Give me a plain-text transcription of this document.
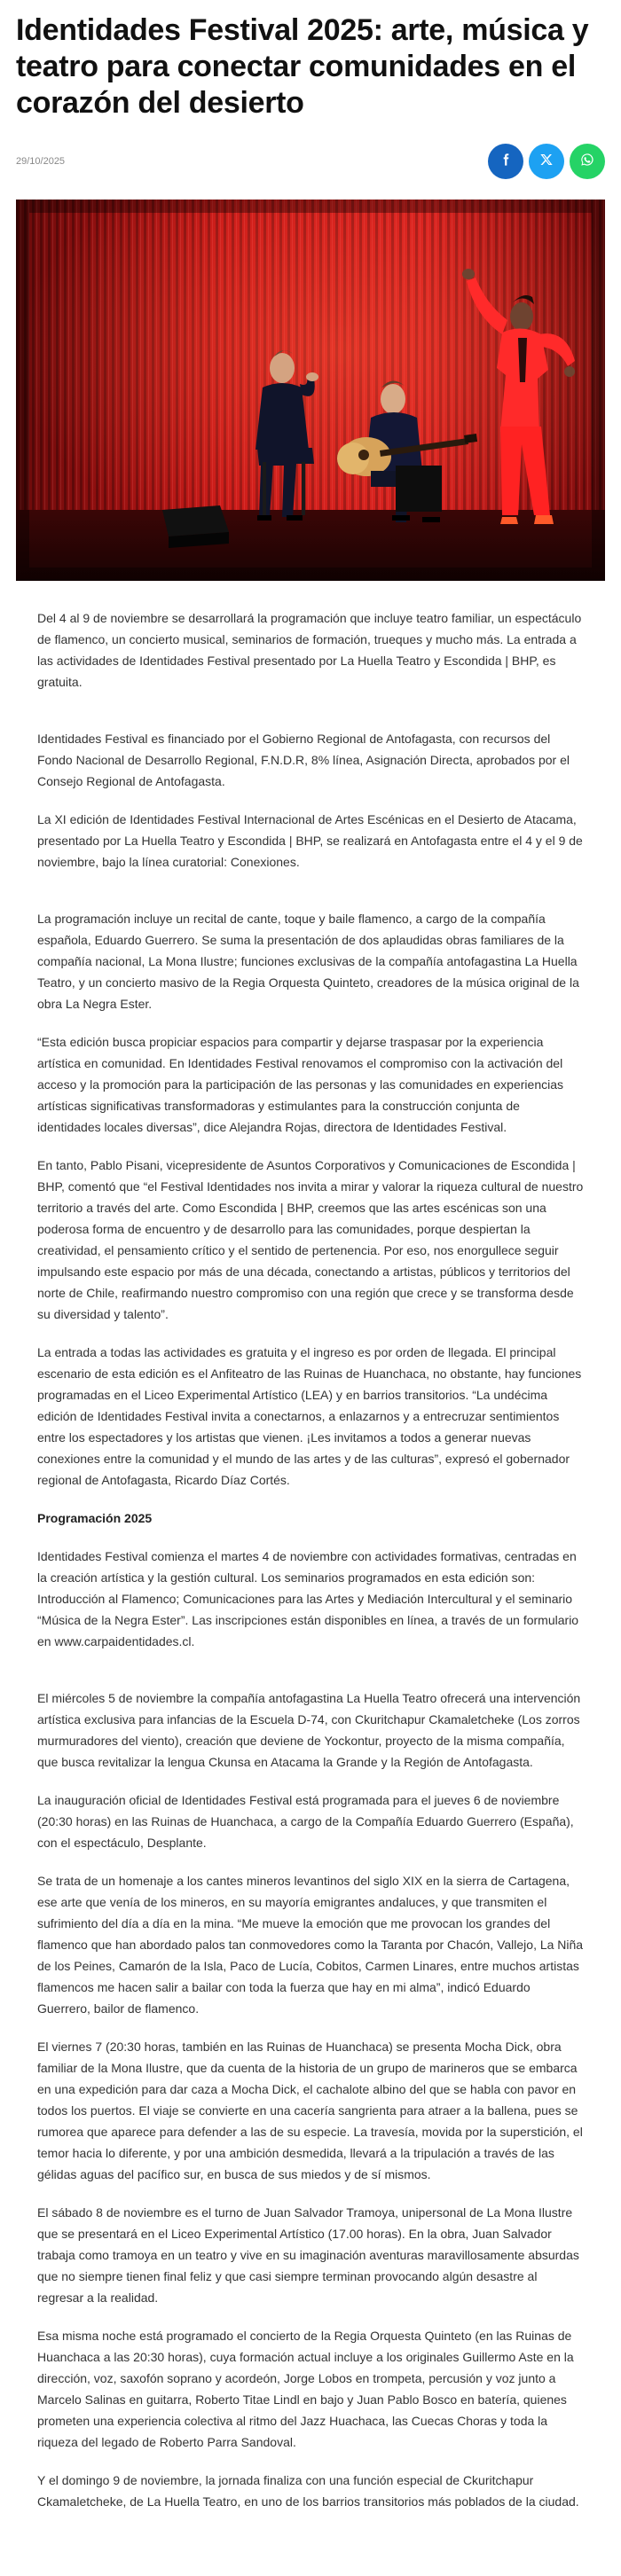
Identidades Festival 2025: arte, música y teatro para conectar comunidades en el corazón del desierto
29/10/2025

Del 4 al 9 de noviembre se desarrollará la programación que incluye teatro familiar, un espectáculo de flamenco, un concierto musical, seminarios de formación, trueques y mucho más. La entrada a las actividades de Identidades Festival presentado por La Huella Teatro y Escondida | BHP, es gratuita.

Identidades Festival es financiado por el Gobierno Regional de Antofagasta, con recursos del Fondo Nacional de Desarrollo Regional, F.N.D.R, 8% línea, Asignación Directa, aprobados por el Consejo Regional de Antofagasta.

La XI edición de Identidades Festival Internacional de Artes Escénicas en el Desierto de Atacama, presentado por La Huella Teatro y Escondida | BHP, se realizará en Antofagasta entre el 4 y el 9 de noviembre, bajo la línea curatorial: Conexiones.

La programación incluye un recital de cante, toque y baile flamenco, a cargo de la compañía española, Eduardo Guerrero. Se suma la presentación de dos aplaudidas obras familiares de la compañía nacional, La Mona Ilustre; funciones exclusivas de la compañía antofagastina La Huella Teatro, y un concierto masivo de la Regia Orquesta Quinteto, creadores de la música original de la obra La Negra Ester.

“Esta edición busca propiciar espacios para compartir y dejarse traspasar por la experiencia artística en comunidad. En Identidades Festival renovamos el compromiso con la activación del acceso y la promoción para la participación de las personas y las comunidades en experiencias artísticas significativas transformadoras y estimulantes para la construcción conjunta de identidades locales diversas”, dice Alejandra Rojas, directora de Identidades Festival.

En tanto, Pablo Pisani, vicepresidente de Asuntos Corporativos y Comunicaciones de Escondida | BHP, comentó que “el Festival Identidades nos invita a mirar y valorar la riqueza cultural de nuestro territorio a través del arte. Como Escondida | BHP, creemos que las artes escénicas son una poderosa forma de encuentro y de desarrollo para las comunidades, porque despiertan la creatividad, el pensamiento crítico y el sentido de pertenencia. Por eso, nos enorgullece seguir impulsando este espacio por más de una década, conectando a artistas, públicos y territorios del norte de Chile, reafirmando nuestro compromiso con una región que crece y se transforma desde su diversidad y talento”.

La entrada a todas las actividades es gratuita y el ingreso es por orden de llegada. El principal escenario de esta edición es el Anfiteatro de las Ruinas de Huanchaca, no obstante, hay funciones programadas en el Liceo Experimental Artístico (LEA) y en barrios transitorios. “La undécima edición de Identidades Festival invita a conectarnos, a enlazarnos y a entrecruzar sentimientos entre los espectadores y los artistas que vienen. ¡Les invitamos a todos a generar nuevas conexiones entre la comunidad y el mundo de las artes y de las culturas”, expresó el gobernador regional de Antofagasta, Ricardo Díaz Cortés.

Programación 2025

Identidades Festival comienza el martes 4 de noviembre con actividades formativas, centradas en la creación artística y la gestión cultural. Los seminarios programados en esta edición son: Introducción al Flamenco; Comunicaciones para las Artes y Mediación Intercultural y el seminario “Música de la Negra Ester”. Las inscripciones están disponibles en línea, a través de un formulario en www.carpaidentidades.cl.

El miércoles 5 de noviembre la compañía antofagastina La Huella Teatro ofrecerá una intervención artística exclusiva para infancias de la Escuela D-74, con Ckuritchapur Ckamaletcheke (Los zorros murmuradores del viento), creación que deviene de Yockontur, proyecto de la misma compañía, que busca revitalizar la lengua Ckunsa en Atacama la Grande y la Región de Antofagasta.

La inauguración oficial de Identidades Festival está programada para el jueves 6 de noviembre (20:30 horas) en las Ruinas de Huanchaca, a cargo de la Compañía Eduardo Guerrero (España), con el espectáculo, Desplante.

Se trata de un homenaje a los cantes mineros levantinos del siglo XIX en la sierra de Cartagena, ese arte que venía de los mineros, en su mayoría emigrantes andaluces, y que transmiten el sufrimiento del día a día en la mina. “Me mueve la emoción que me provocan los grandes del flamenco que han abordado palos tan conmovedores como la Taranta por Chacón, Vallejo, La Niña de los Peines, Camarón de la Isla, Paco de Lucía, Cobitos, Carmen Linares, entre muchos artistas flamencos me hacen salir a bailar con toda la fuerza que hay en mi alma”, indicó Eduardo Guerrero, bailor de flamenco.

El viernes 7 (20:30 horas, también en las Ruinas de Huanchaca) se presenta Mocha Dick, obra familiar de la Mona Ilustre, que da cuenta de la historia de un grupo de marineros que se embarca en una expedición para dar caza a Mocha Dick, el cachalote albino del que se habla con pavor en todos los puertos. El viaje se convierte en una cacería sangrienta para atraer a la ballena, pues se rumorea que aparece para defender a las de su especie. La travesía, movida por la superstición, el temor hacia lo diferente, y por una ambición desmedida, llevará a la tripulación a través de las gélidas aguas del pacífico sur, en busca de sus miedos y de sí mismos.

El sábado 8 de noviembre es el turno de Juan Salvador Tramoya, unipersonal de La Mona Ilustre que se presentará en el Liceo Experimental Artístico (17.00 horas). En la obra, Juan Salvador trabaja como tramoya en un teatro y vive en su imaginación aventuras maravillosamente absurdas que no siempre tienen final feliz y que casi siempre terminan provocando algún desastre al regresar a la realidad.

Esa misma noche está programado el concierto de la Regia Orquesta Quinteto (en las Ruinas de Huanchaca a las 20:30 horas), cuya formación actual incluye a los originales Guillermo Aste en la dirección, voz, saxofón soprano y acordeón, Jorge Lobos en trompeta, percusión y voz junto a Marcelo Salinas en guitarra, Roberto Titae Lindl en bajo y Juan Pablo Bosco en batería, quienes prometen una experiencia colectiva al ritmo del Jazz Huachaca, las Cuecas Choras y toda la riqueza del legado de Roberto Parra Sandoval.

Y el domingo 9 de noviembre, la jornada finaliza con una función especial de Ckuritchapur Ckamaletcheke, de La Huella Teatro, en uno de los barrios transitorios más poblados de la ciudad.
